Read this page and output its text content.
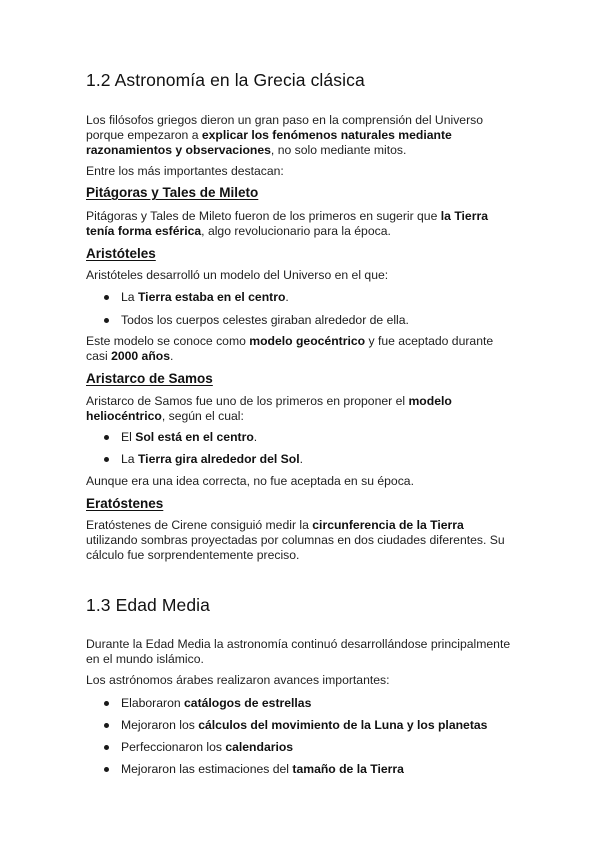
1.2 Astronomía en la Grecia clásica

Los filósofos griegos dieron un gran paso en la comprensión del Universo porque empezaron a explicar los fenómenos naturales mediante razonamientos y observaciones, no solo mediante mitos.

Entre los más importantes destacan:

Pitágoras y Tales de Mileto

Pitágoras y Tales de Mileto fueron de los primeros en sugerir que la Tierra tenía forma esférica, algo revolucionario para la época.

Aristóteles

Aristóteles desarrolló un modelo del Universo en el que:

La Tierra estaba en el centro.
Todos los cuerpos celestes giraban alrededor de ella.

Este modelo se conoce como modelo geocéntrico y fue aceptado durante casi 2000 años.

Aristarco de Samos

Aristarco de Samos fue uno de los primeros en proponer el modelo heliocéntrico, según el cual:

El Sol está en el centro.
La Tierra gira alrededor del Sol.

Aunque era una idea correcta, no fue aceptada en su época.

Eratóstenes

Eratóstenes de Cirene consiguió medir la circunferencia de la Tierra utilizando sombras proyectadas por columnas en dos ciudades diferentes. Su cálculo fue sorprendentemente preciso.

1.3 Edad Media

Durante la Edad Media la astronomía continuó desarrollándose principalmente en el mundo islámico.

Los astrónomos árabes realizaron avances importantes:

Elaboraron catálogos de estrellas
Mejoraron los cálculos del movimiento de la Luna y los planetas
Perfeccionaron los calendarios
Mejoraron las estimaciones del tamaño de la Tierra
